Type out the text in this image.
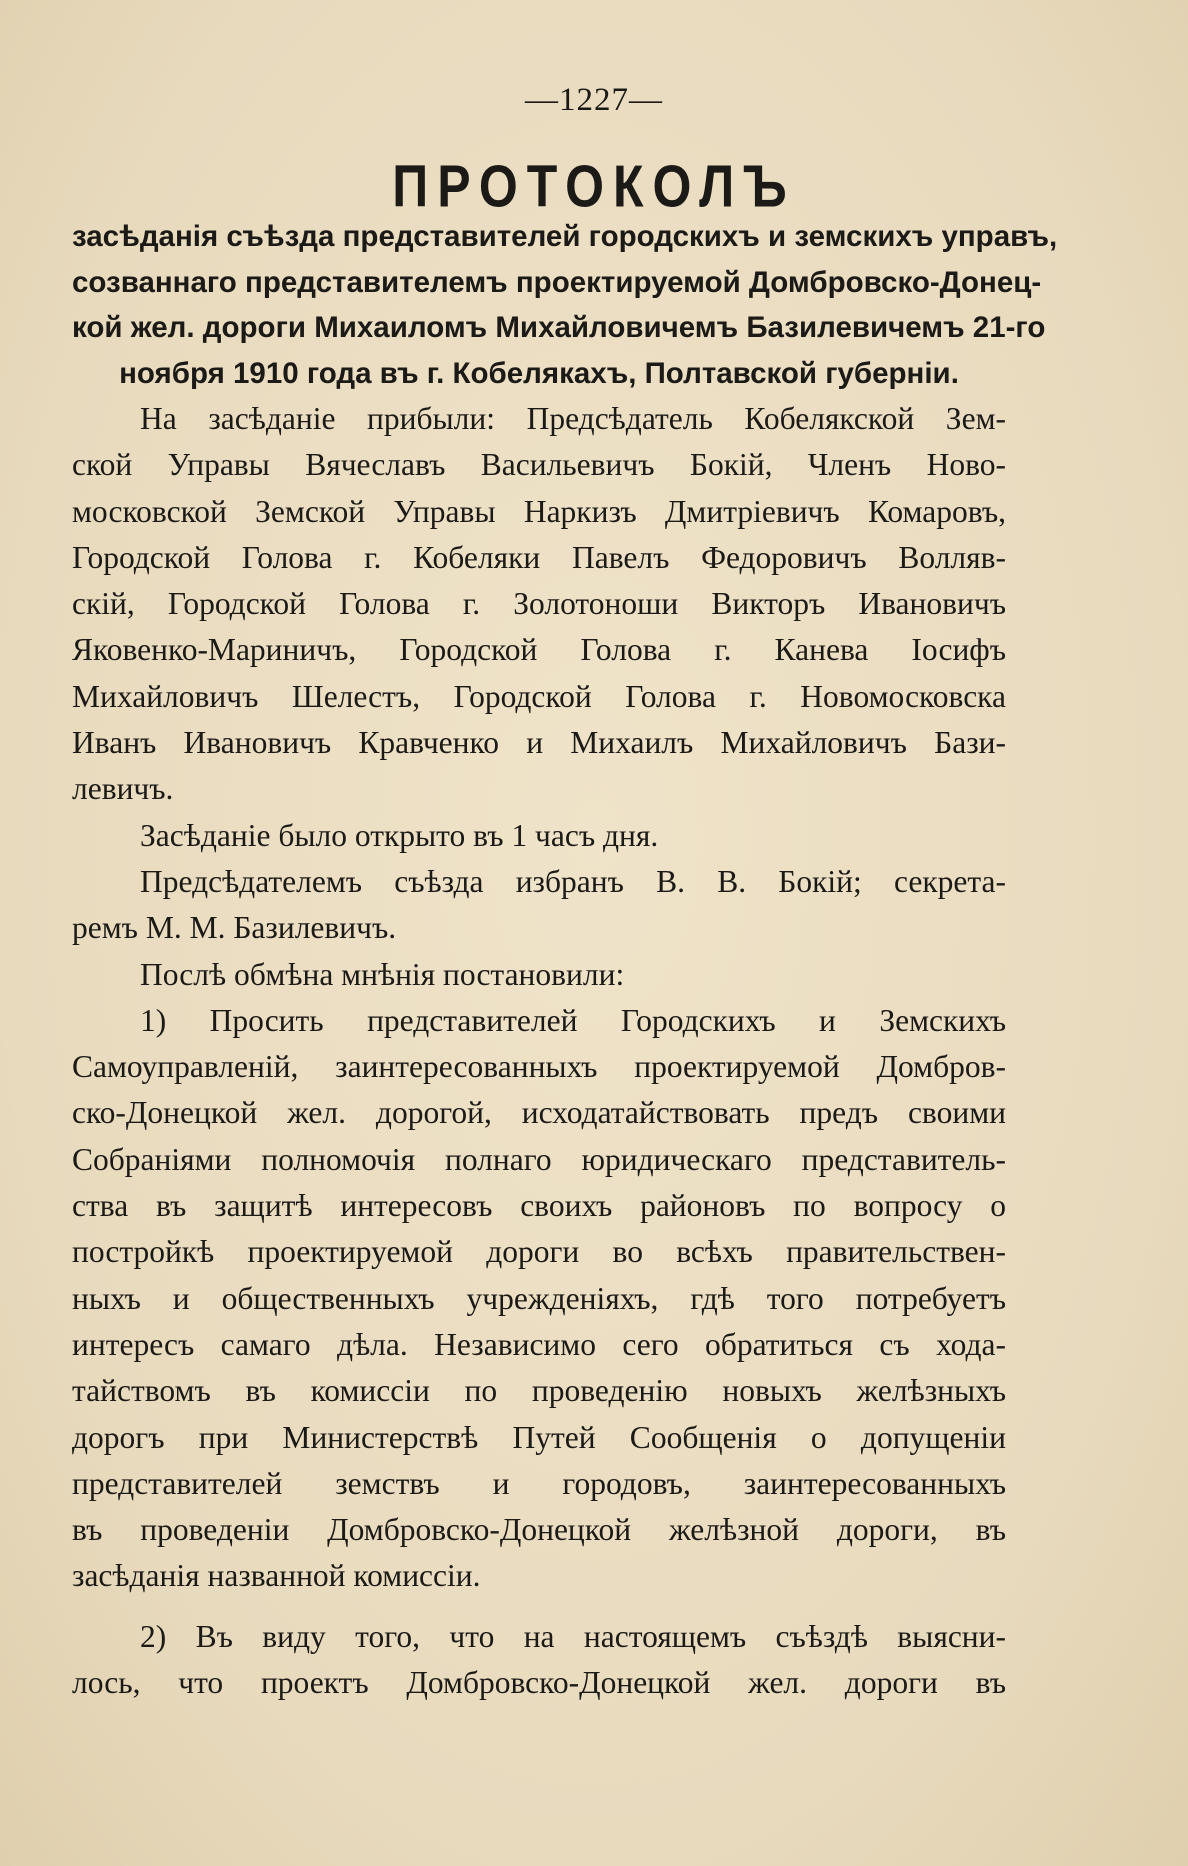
—1227—
ПРОТОКОЛЪ
засѣданія съѣзда представителей городскихъ и земскихъ управъ,
созваннаго представителемъ проектируемой Домбровско-Донец-
кой жел. дороги Михаиломъ Михайловичемъ Базилевичемъ 21-го
ноября 1910 года въ г. Кобелякахъ, Полтавской губерніи.
На засѣданіе прибыли: Предсѣдатель Кобелякской Зем-
ской Управы Вячеславъ Васильевичъ Бокій, Членъ Ново-
московской Земской Управы Наркизъ Дмитріевичъ Комаровъ,
Городской Голова г. Кобеляки Павелъ Федоровичъ Волляв-
скій, Городской Голова г. Золотоноши Викторъ Ивановичъ
Яковенко-Мариничъ, Городской Голова г. Канева Іосифъ
Михайловичъ Шелестъ, Городской Голова г. Новомосковска
Иванъ Ивановичъ Кравченко и Михаилъ Михайловичъ Бази-
левичъ.
Засѣданіе было открыто въ 1 часъ дня.
Предсѣдателемъ съѣзда избранъ В. В. Бокій; секрета-
ремъ М. М. Базилевичъ.
Послѣ обмѣна мнѣнія постановили:
1) Просить представителей Городскихъ и Земскихъ
Самоуправленій, заинтересованныхъ проектируемой Домбров-
ско-Донецкой жел. дорогой, исходатайствовать предъ своими
Собраніями полномочія полнаго юридическаго представитель-
ства въ защитѣ интересовъ своихъ районовъ по вопросу о
постройкѣ проектируемой дороги во всѣхъ правительствен-
ныхъ и общественныхъ учрежденіяхъ, гдѣ того потребуетъ
интересъ самаго дѣла. Независимо сего обратиться съ хода-
тайствомъ въ комиссіи по проведенію новыхъ желѣзныхъ
дорогъ при Министерствѣ Путей Сообщенія о допущеніи
представителей земствъ и городовъ, заинтересованныхъ
въ проведеніи Домбровско-Донецкой желѣзной дороги, въ
засѣданія названной комиссіи.
2) Въ виду того, что на настоящемъ съѣздѣ выясни-
лось, что проектъ Домбровско-Донецкой жел. дороги въ
